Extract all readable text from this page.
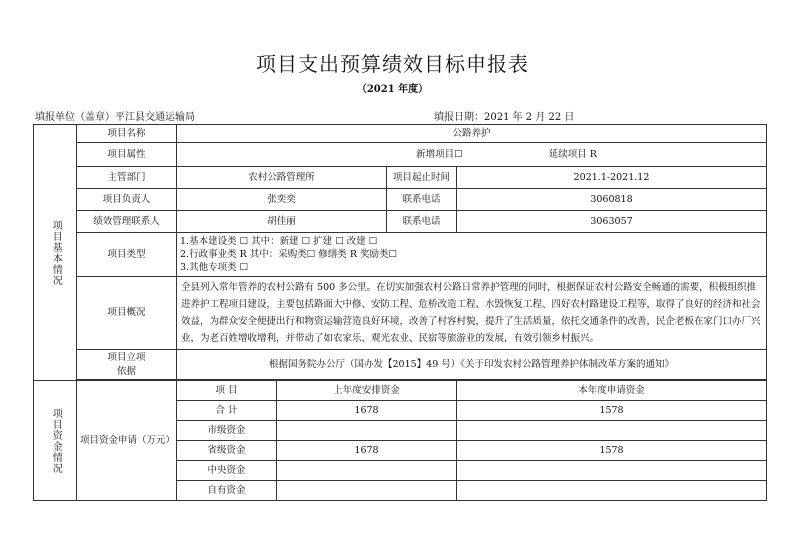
项目支出预算绩效目标申报表
（2021 年度）
填报单位（盖章）平江县交通运输局	填报日期：2021 年 2 月 22 日
项目基本情况	项目名称	公路养护			
	项目属性	新增项目☐ 延续项目 R			
	主管部门	农村公路管理所		项目起止时间	2021.1-2021.12
	项目负责人	张奕奕		联系电话	3060818
	绩效管理联系人	胡佳丽		联系电话	3063057
	项目类型	1.基本建设类 ☐ 其中：新建 ☐ 扩建 ☐ 改建 ☐
2.行政事业类 R 其中：采购类☐ 修缮类 R 奖励类☐
3.其他专项类 ☐			

	项目概况	全县列入常年管养的农村公路有 500 多公里。在切实加强农村公路日常养护管理的同时，根据保证农村公路安全畅通的需要，积极组织推进养护工程项目建设，主要包括路面大中修、安防工程、危桥改造工程、水毁恢复工程、四好农村路建设工程等，取得了良好的经济和社会效益，为群众安全便捷出行和物资运输营造良好环境，改善了村容村貌，提升了生活质量，依托交通条件的改善，民企老板在家门口办厂兴业，为老百姓增收增利，并带动了如农家乐、观光农业、民宿等旅游业的发展，有效引领乡村振兴。			

	项目立项依据	根据国务院办公厅（国办发【2015】49 号）《关于印发农村公路管理养护体制改革方案的通知》			

项目资金情况	项目资金申请（万元）	项 目	上年度安排资金		本年度申请资金
		合 计	1678		1578
		市级资金			
		省级资金	1678		1578
		中央资金			
		自有资金			
